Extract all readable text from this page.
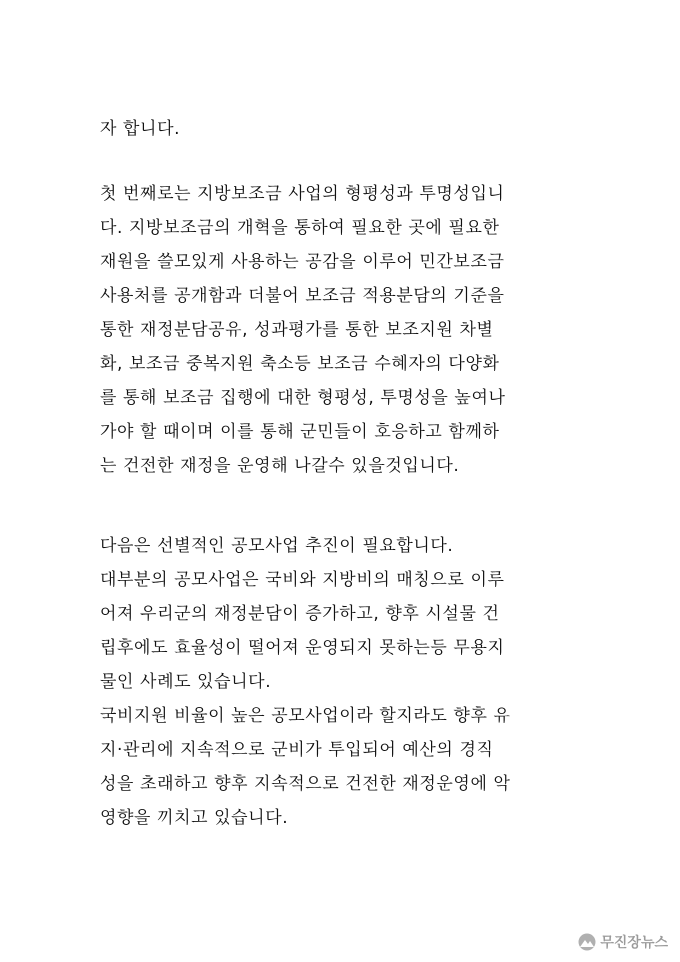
자 합니다.
첫 번째로는 지방보조금 사업의 형평성과 투명성입니
다. 지방보조금의 개혁을 통하여 필요한 곳에 필요한
재원을 쓸모있게 사용하는 공감을 이루어 민간보조금
사용처를 공개함과 더불어 보조금 적용분담의 기준을
통한 재정분담공유, 성과평가를 통한 보조지원 차별
화, 보조금 중복지원 축소등 보조금 수혜자의 다양화
를 통해 보조금 집행에 대한 형평성, 투명성을 높여나
가야 할 때이며 이를 통해 군민들이 호응하고 함께하
는 건전한 재정을 운영해 나갈수 있을것입니다.
다음은 선별적인 공모사업 추진이 필요합니다.
대부분의 공모사업은 국비와 지방비의 매칭으로 이루
어져 우리군의 재정분담이 증가하고, 향후 시설물 건
립후에도 효율성이 떨어져 운영되지 못하는등 무용지
물인 사례도 있습니다.
국비지원 비율이 높은 공모사업이라 할지라도 향후 유
지·관리에 지속적으로 군비가 투입되어 예산의 경직
성을 초래하고 향후 지속적으로 건전한 재정운영에 악
영향을 끼치고 있습니다.
무진장뉴스
